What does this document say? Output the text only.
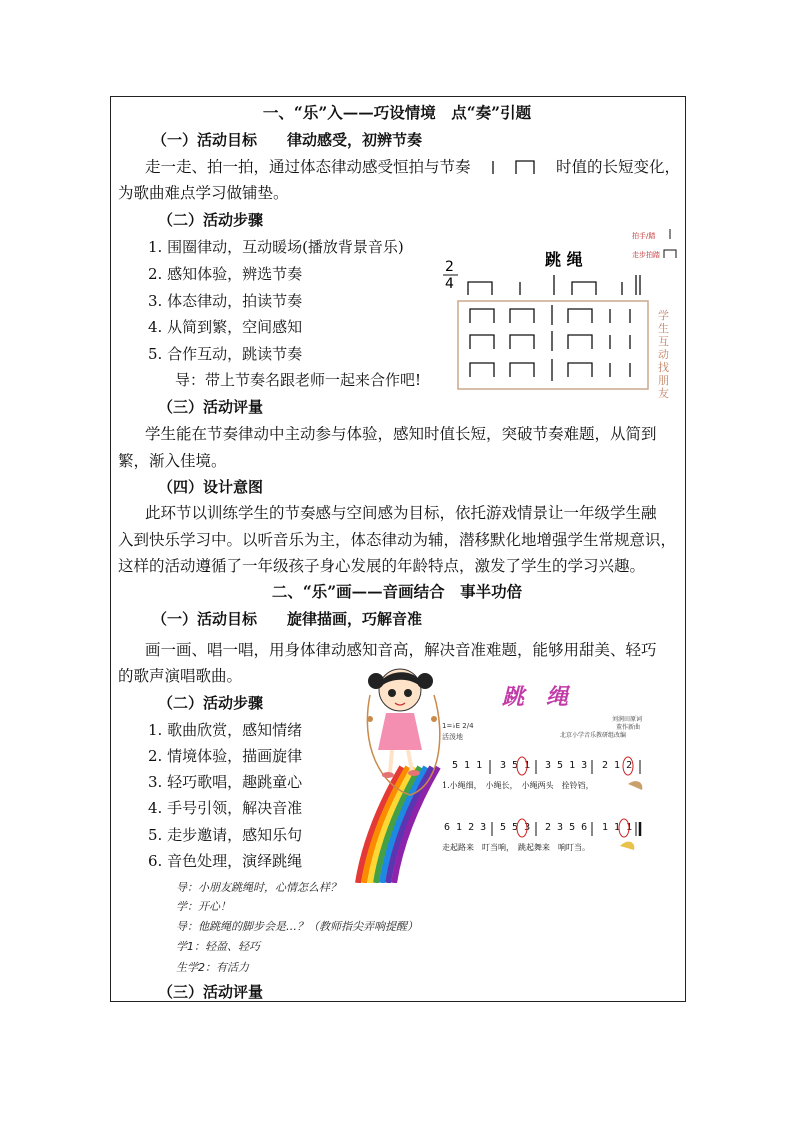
一、“乐”入——巧设情境　点“奏”引题
（一）活动目标　　律动感受，初辨节奏
走一走、拍一拍，通过体态律动感受恒拍与节奏	时值的长短变化，
为歌曲难点学习做铺垫。
（二）活动步骤
1. 围圈律动，互动暖场(播放背景音乐)
2. 感知体验，辨选节奏
3. 体态律动，拍读节奏
4. 从简到繁，空间感知
5. 合作互动，跳读节奏
导：带上节奏名跟老师一起来合作吧!
跳 绳
拍手/踏
走步拍踏
2
4
学生互动找朋友
（三）活动评量
学生能在节奏律动中主动参与体验，感知时值长短，突破节奏难题，从简到
繁，渐入佳境。
（四）设计意图
此环节以训练学生的节奏感与空间感为目标，依托游戏情景让一年级学生融
入到快乐学习中。以听音乐为主，体态律动为辅，潜移默化地增强学生常规意识，
这样的活动遵循了一年级孩子身心发展的年龄特点，激发了学生的学习兴趣。
二、“乐”画——音画结合　事半功倍
（一）活动目标　　旋律描画，巧解音准
画一画、唱一唱，用身体律动感知音高，解决音准难题，能够用甜美、轻巧
的歌声演唱歌曲。
（二）活动步骤
1. 歌曲欣赏，感知情绪
2. 情境体验，描画旋律
3. 轻巧歌唱，趣跳童心
4. 手号引领，解决音准
5. 走步邀请，感知乐句
6. 音色处理，演绎跳绳
导：小朋友跳绳时，心情怎么样？
学：开心！
导：他跳绳的脚步会是…？（教师指尖弄响提醒）
学1：轻盈、轻巧
生学2：有活力
（三）活动评量
跳　绳
1=♭E 2/4
活泼地
刘润田原词
董作新曲
北京小学音乐教研组改编
5 1 1 3 5 1 3 5 1 3 2 1 2
1.小绳细，　小绳长，　小绳两头　拴铃铛，
6 1 2 3 5 5 3 2 3 5 6 1 1 1
走起路来　叮当响，　跳起舞来　响叮当。
